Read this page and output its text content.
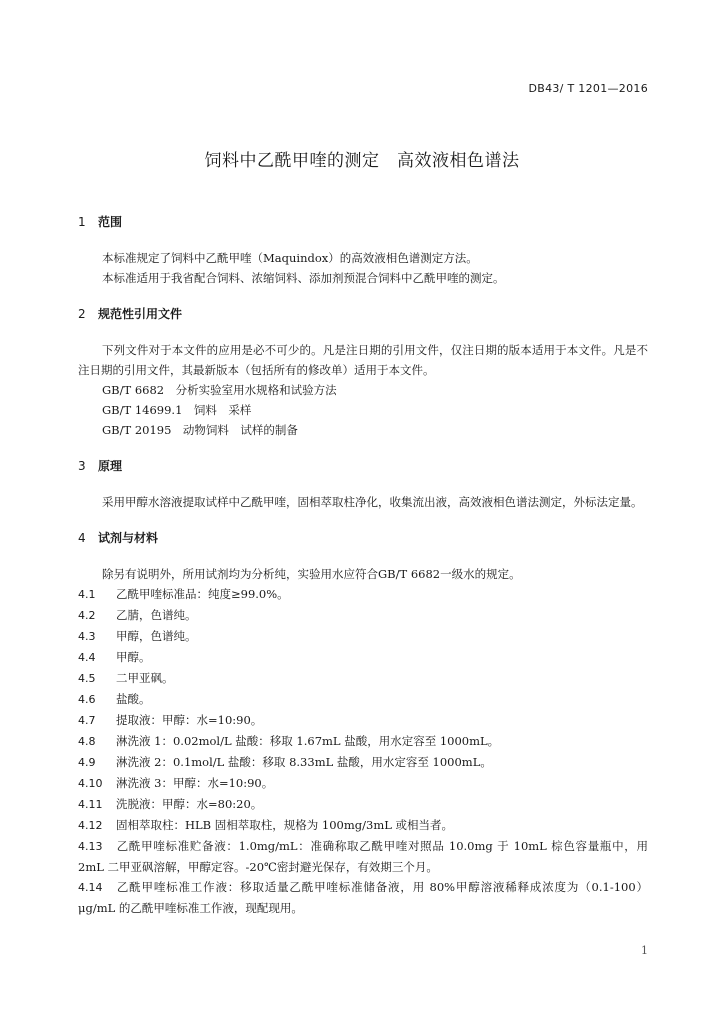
DB43/ T 1201—2016
饲料中乙酰甲喹的测定　高效液相色谱法
1 范围
本标准规定了饲料中乙酰甲喹（Maquindox）的高效液相色谱测定方法。
本标准适用于我省配合饲料、浓缩饲料、添加剂预混合饲料中乙酰甲喹的测定。
2 规范性引用文件
下列文件对于本文件的应用是必不可少的。凡是注日期的引用文件，仅注日期的版本适用于本文件。凡是不注日期的引用文件，其最新版本（包括所有的修改单）适用于本文件。
GB/T 6682　分析实验室用水规格和试验方法
GB/T 14699.1　饲料　采样
GB/T 20195　动物饲料　试样的制备
3 原理
采用甲醇水溶液提取试样中乙酰甲喹，固相萃取柱净化，收集流出液，高效液相色谱法测定，外标法定量。
4 试剂与材料
除另有说明外，所用试剂均为分析纯，实验用水应符合GB/T 6682一级水的规定。
4.1 乙酰甲喹标准品：纯度≥99.0%。
4.2 乙腈，色谱纯。
4.3 甲醇，色谱纯。
4.4 甲醇。
4.5 二甲亚砜。
4.6 盐酸。
4.7 提取液：甲醇：水=10:90。
4.8 淋洗液 1：0.02mol/L 盐酸：移取 1.67mL 盐酸，用水定容至 1000mL。
4.9 淋洗液 2：0.1mol/L 盐酸：移取 8.33mL 盐酸，用水定容至 1000mL。
4.10 淋洗液 3：甲醇：水=10:90。
4.11 洗脱液：甲醇：水=80:20。
4.12 固相萃取柱：HLB 固相萃取柱，规格为 100mg/3mL 或相当者。
4.13 乙酰甲喹标准贮备液：1.0mg/mL：准确称取乙酰甲喹对照品 10.0mg 于 10mL 棕色容量瓶中，用 2mL 二甲亚砜溶解，甲醇定容。-20℃密封避光保存，有效期三个月。
4.14 乙酰甲喹标准工作液：移取适量乙酰甲喹标准储备液，用 80%甲醇溶液稀释成浓度为（0.1-100）μg/mL 的乙酰甲喹标准工作液，现配现用。
1
